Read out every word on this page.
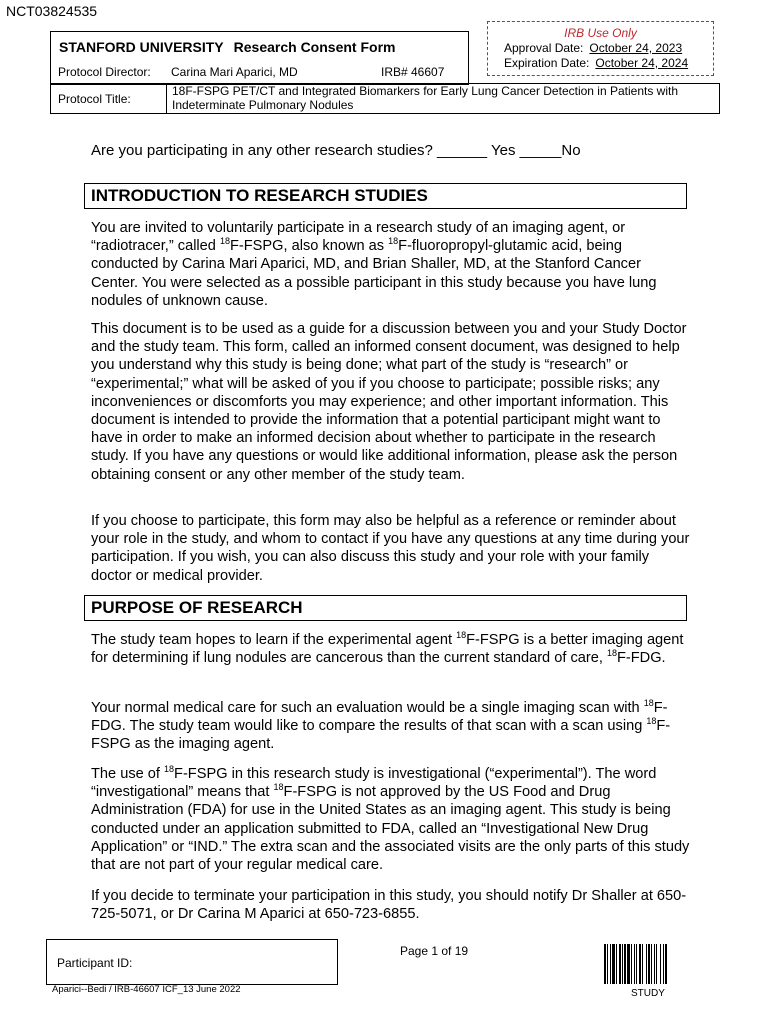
NCT03824535
STANFORD UNIVERSITY Research Consent Form
Protocol Director: Carina Mari Aparici, MD	IRB# 46607
IRB Use Only
Approval Date: October 24, 2023
Expiration Date: October 24, 2024
Protocol Title:
18F-FSPG PET/CT and Integrated Biomarkers for Early Lung Cancer Detection in Patients with
Indeterminate Pulmonary Nodules
Are you participating in any other research studies? ______ Yes _____No
INTRODUCTION TO RESEARCH STUDIES
You are invited to voluntarily participate in a research study of an imaging agent, or “radiotracer,” called $^{18}$F-FSPG, also known as $^{18}$F-fluoropropyl-glutamic acid, being conducted by Carina Mari Aparici, MD, and Brian Shaller, MD, at the Stanford Cancer Center. You were selected as a possible participant in this study because you have lung nodules of unknown cause.
This document is to be used as a guide for a discussion between you and your Study Doctor and the study team. This form, called an informed consent document, was designed to help you understand why this study is being done; what part of the study is “research” or “experimental;” what will be asked of you if you choose to participate; possible risks; any inconveniences or discomforts you may experience; and other important information. This document is intended to provide the information that a potential participant might want to have in order to make an informed decision about whether to participate in the research study. If you have any questions or would like additional information, please ask the person obtaining consent or any other member of the study team.
If you choose to participate, this form may also be helpful as a reference or reminder about your role in the study, and whom to contact if you have any questions at any time during your participation. If you wish, you can also discuss this study and your role with your family doctor or medical provider.
PURPOSE OF RESEARCH
The study team hopes to learn if the experimental agent $^{18}$F-FSPG is a better imaging agent for determining if lung nodules are cancerous than the current standard of care, $^{18}$F-FDG.
Your normal medical care for such an evaluation would be a single imaging scan with $^{18}$F-FDG. The study team would like to compare the results of that scan with a scan using $^{18}$F-FSPG as the imaging agent.
The use of $^{18}$F-FSPG in this research study is investigational (“experimental”). The word “investigational” means that $^{18}$F-FSPG is not approved by the US Food and Drug Administration (FDA) for use in the United States as an imaging agent. This study is being conducted under an application submitted to FDA, called an “Investigational New Drug Application” or “IND.” The extra scan and the associated visits are the only parts of this study that are not part of your regular medical care.
If you decide to terminate your participation in this study, you should notify Dr Shaller at 650-725-5071, or Dr Carina M Aparici at 650-723-6855.
Participant ID:
Page 1 of 19
Aparici--Bedi / IRB-46607 ICF_13 June 2022	STUDY
